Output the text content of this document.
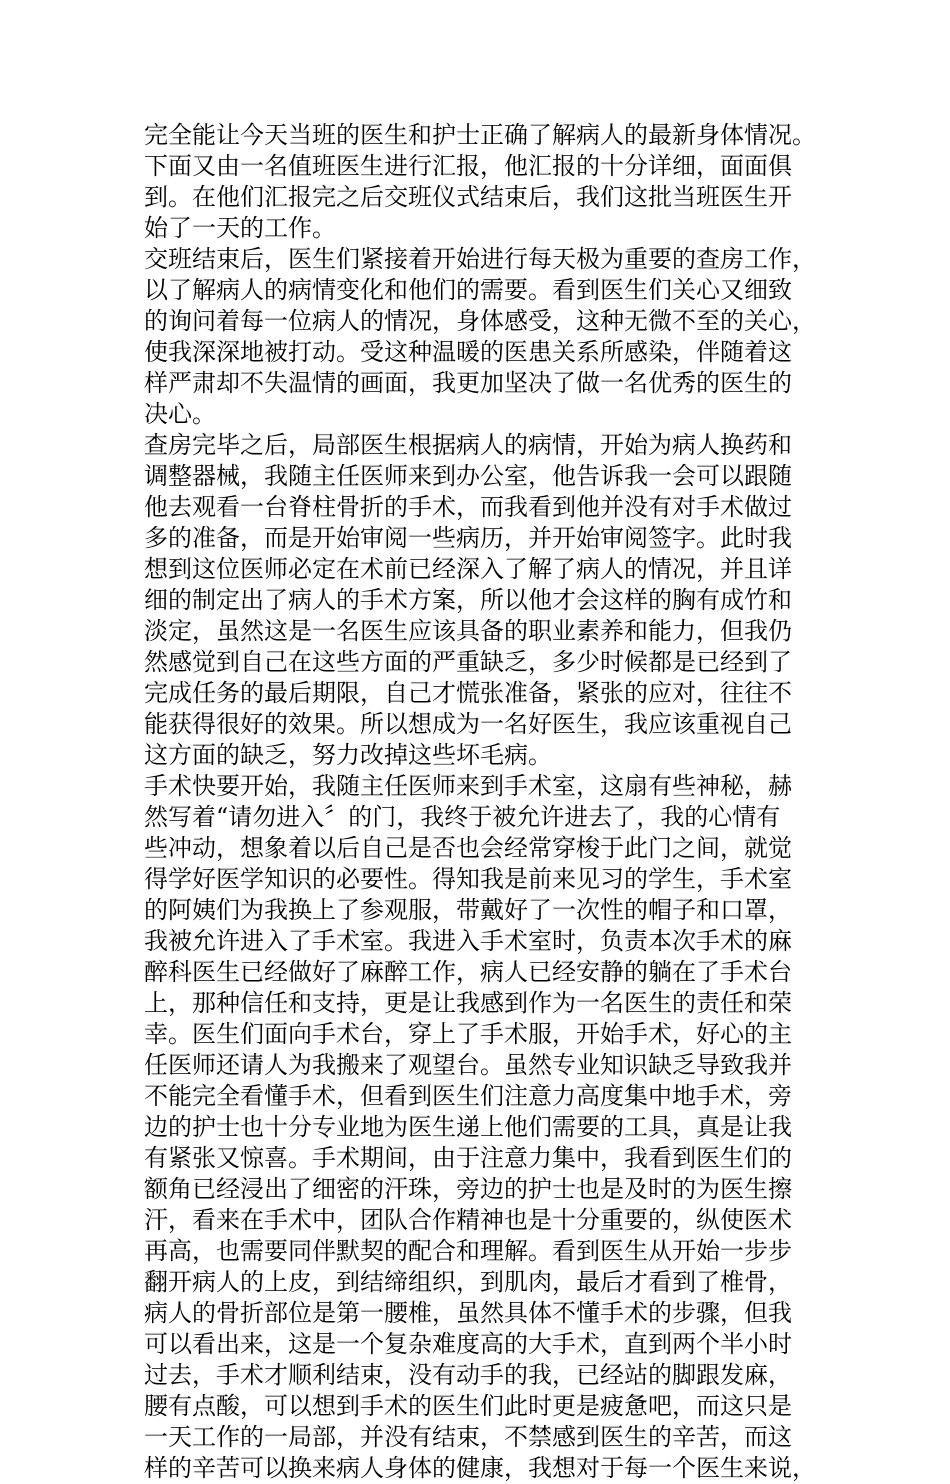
完全能让今天当班的医生和护士正确了解病人的最新身体情况。
下面又由一名值班医生进行汇报，他汇报的十分详细，面面俱
到。在他们汇报完之后交班仪式结束后，我们这批当班医生开
始了一天的工作。
交班结束后，医生们紧接着开始进行每天极为重要的查房工作，
以了解病人的病情变化和他们的需要。看到医生们关心又细致
的询问着每一位病人的情况，身体感受，这种无微不至的关心，
使我深深地被打动。受这种温暖的医患关系所感染，伴随着这
样严肃却不失温情的画面，我更加坚决了做一名优秀的医生的
决心。
查房完毕之后，局部医生根据病人的病情，开始为病人换药和
调整器械，我随主任医师来到办公室，他告诉我一会可以跟随
他去观看一台脊柱骨折的手术，而我看到他并没有对手术做过
多的准备，而是开始审阅一些病历，并开始审阅签字。此时我
想到这位医师必定在术前已经深入了解了病人的情况，并且详
细的制定出了病人的手术方案，所以他才会这样的胸有成竹和
淡定，虽然这是一名医生应该具备的职业素养和能力，但我仍
然感觉到自己在这些方面的严重缺乏，多少时候都是已经到了
完成任务的最后期限，自己才慌张准备，紧张的应对，往往不
能获得很好的效果。所以想成为一名好医生，我应该重视自己
这方面的缺乏，努力改掉这些坏毛病。
手术快要开始，我随主任医师来到手术室，这扇有些神秘，赫
然写着“请勿进入〞的门，我终于被允许进去了，我的心情有
些冲动，想象着以后自己是否也会经常穿梭于此门之间，就觉
得学好医学知识的必要性。得知我是前来见习的学生，手术室
的阿姨们为我换上了参观服，带戴好了一次性的帽子和口罩，
我被允许进入了手术室。我进入手术室时，负责本次手术的麻
醉科医生已经做好了麻醉工作，病人已经安静的躺在了手术台
上，那种信任和支持，更是让我感到作为一名医生的责任和荣
幸。医生们面向手术台，穿上了手术服，开始手术，好心的主
任医师还请人为我搬来了观望台。虽然专业知识缺乏导致我并
不能完全看懂手术，但看到医生们注意力高度集中地手术，旁
边的护士也十分专业地为医生递上他们需要的工具，真是让我
有紧张又惊喜。手术期间，由于注意力集中，我看到医生们的
额角已经浸出了细密的汗珠，旁边的护士也是及时的为医生擦
汗，看来在手术中，团队合作精神也是十分重要的，纵使医术
再高，也需要同伴默契的配合和理解。看到医生从开始一步步
翻开病人的上皮，到结缔组织，到肌肉，最后才看到了椎骨，
病人的骨折部位是第一腰椎，虽然具体不懂手术的步骤，但我
可以看出来，这是一个复杂难度高的大手术，直到两个半小时
过去，手术才顺利结束，没有动手的我，已经站的脚跟发麻，
腰有点酸，可以想到手术的医生们此时更是疲惫吧，而这只是
一天工作的一局部，并没有结束，不禁感到医生的辛苦，而这
样的辛苦可以换来病人身体的健康，我想对于每一个医生来说，
